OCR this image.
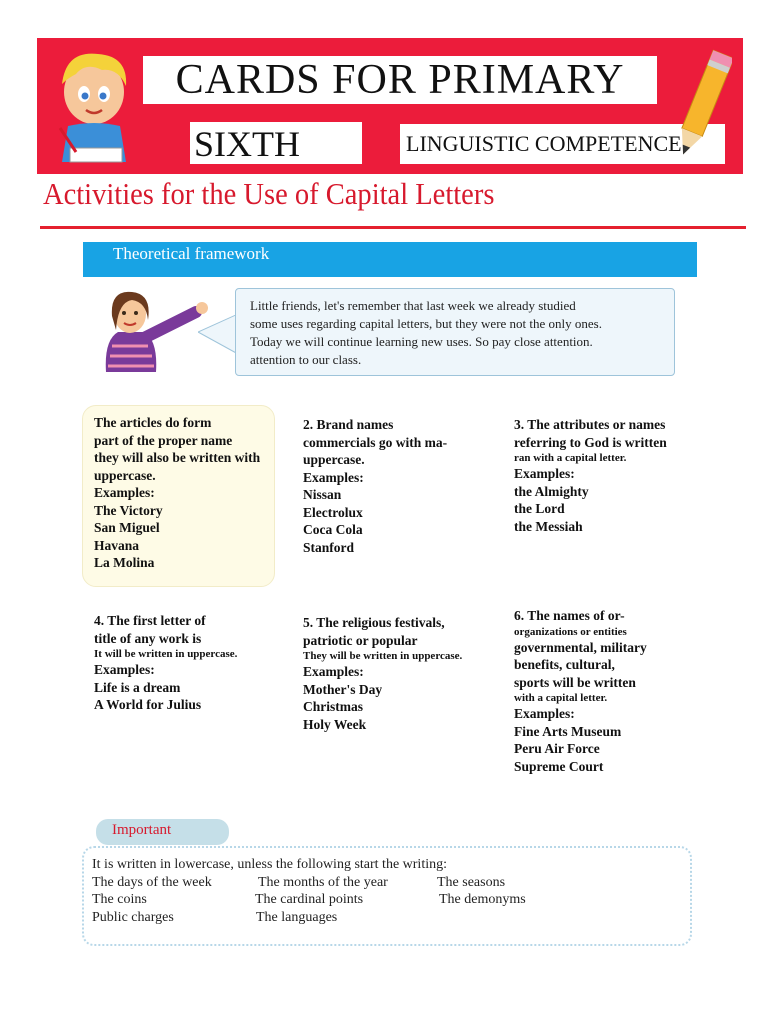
CARDS FOR PRIMARY
SIXTH	LINGUISTIC COMPETENCE
Activities for the Use of Capital Letters
Theoretical framework

Little friends, let's remember that last week we already studied
some uses regarding capital letters, but they were not the only ones.
Today we will continue learning new uses. So pay close attention.
attention to our class.

The articles do form
part of the proper name
they will also be written with
uppercase.
Examples:
The Victory
San Miguel
Havana
La Molina
2. Brand names
commercials go with ma-
uppercase.
Examples:
Nissan
Electrolux
Coca Cola
Stanford
3. The attributes or names
referring to God is written
ran with a capital letter.
Examples:
the Almighty
the Lord
the Messiah
4. The first letter of
title of any work is
It will be written in uppercase.
Examples:
Life is a dream
A World for Julius
5. The religious festivals,
patriotic or popular
They will be written in uppercase.
Examples:
Mother's Day
Christmas
Holy Week
6. The names of or-
organizations or entities
governmental, military
benefits, cultural,
sports will be written
with a capital letter.
Examples:
Fine Arts Museum
Peru Air Force
Supreme Court
Important
It is written in lowercase, unless the following start the writing:
The days of the week	The months of the year	The seasons
The coins	The cardinal points	The demonyms
Public charges	The languages
